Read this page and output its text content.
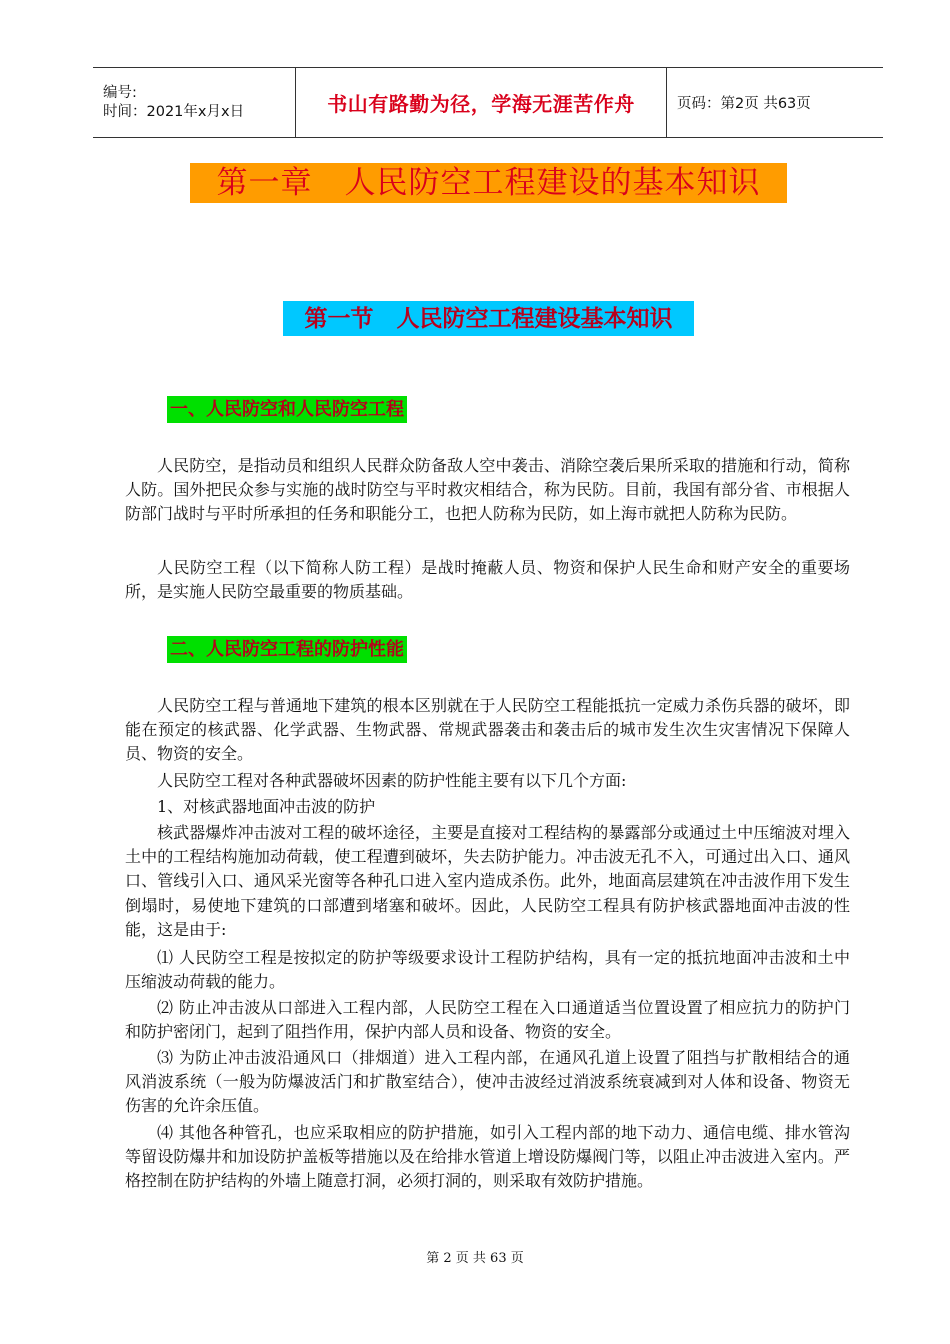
编号:
时间：2021年x月x日	书山有路勤为径，学海无涯苦作舟	页码：第2页 共63页
第一章　人民防空工程建设的基本知识
第一节　人民防空工程建设基本知识
一、人民防空和人民防空工程

人民防空，是指动员和组织人民群众防备敌人空中袭击、消除空袭后果所采取的措施和行动，简称人防。国外把民众参与实施的战时防空与平时救灾相结合，称为民防。目前，我国有部分省、市根据人防部门战时与平时所承担的任务和职能分工，也把人防称为民防，如上海市就把人防称为民防。

人民防空工程（以下简称人防工程）是战时掩蔽人员、物资和保护人民生命和财产安全的重要场所，是实施人民防空最重要的物质基础。

二、人民防空工程的防护性能

人民防空工程与普通地下建筑的根本区别就在于人民防空工程能抵抗一定威力杀伤兵器的破坏，即能在预定的核武器、化学武器、生物武器、常规武器袭击和袭击后的城市发生次生灾害情况下保障人员、物资的安全。

人民防空工程对各种武器破坏因素的防护性能主要有以下几个方面:

1、对核武器地面冲击波的防护

核武器爆炸冲击波对工程的破坏途径，主要是直接对工程结构的暴露部分或通过土中压缩波对埋入土中的工程结构施加动荷载，使工程遭到破坏，失去防护能力。冲击波无孔不入，可通过出入口、通风口、管线引入口、通风采光窗等各种孔口进入室内造成杀伤。此外，地面高层建筑在冲击波作用下发生倒塌时，易使地下建筑的口部遭到堵塞和破坏。因此，人民防空工程具有防护核武器地面冲击波的性能，这是由于:

⑴ 人民防空工程是按拟定的防护等级要求设计工程防护结构，具有一定的抵抗地面冲击波和土中压缩波动荷载的能力。

⑵ 防止冲击波从口部进入工程内部，人民防空工程在入口通道适当位置设置了相应抗力的防护门和防护密闭门，起到了阻挡作用，保护内部人员和设备、物资的安全。

⑶ 为防止冲击波沿通风口（排烟道）进入工程内部，在通风孔道上设置了阻挡与扩散相结合的通风消波系统（一般为防爆波活门和扩散室结合），使冲击波经过消波系统衰减到对人体和设备、物资无伤害的允许余压值。

⑷ 其他各种管孔，也应采取相应的防护措施，如引入工程内部的地下动力、通信电缆、排水管沟等留设防爆井和加设防护盖板等措施以及在给排水管道上增设防爆阀门等，以阻止冲击波进入室内。严格控制在防护结构的外墙上随意打洞，必须打洞的，则采取有效防护措施。

第 2 页 共 63 页
